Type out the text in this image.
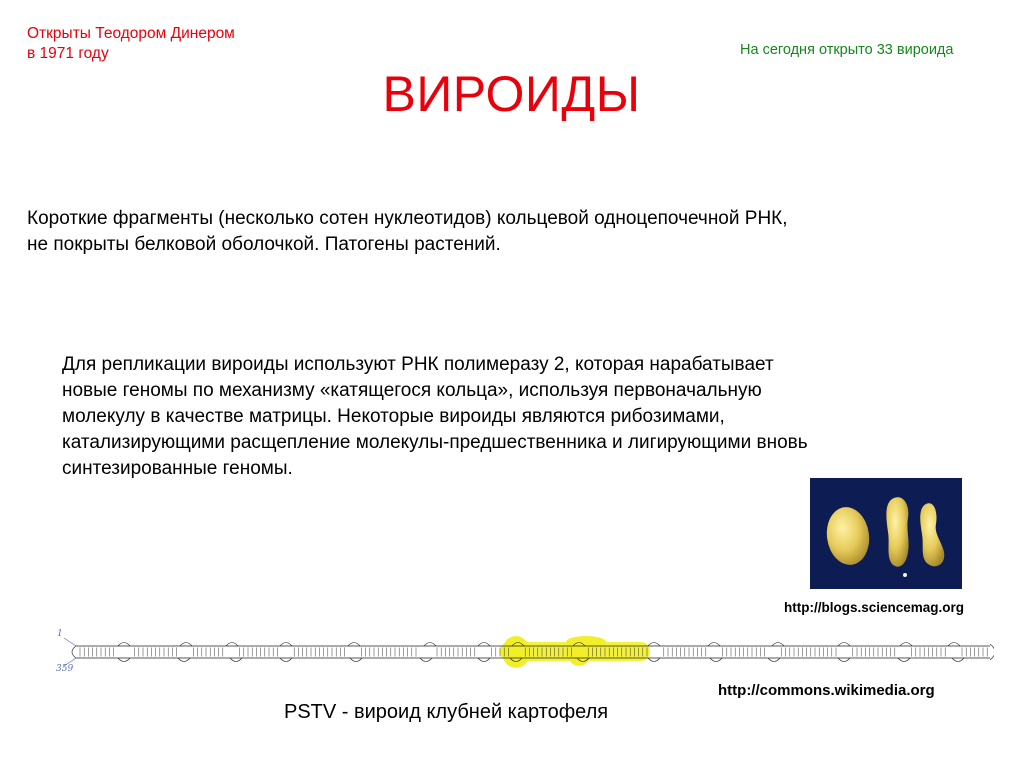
Открыты Теодором Динером
в 1971 году	На сегодня открыто 33 вироида
ВИРОИДЫ
Короткие фрагменты (несколько сотен нуклеотидов) кольцевой одноцепочечной РНК,
не покрыты белковой оболочкой. Патогены растений.
Для репликации вироиды используют РНК полимеразу 2, которая нарабатывает
новые геномы по механизму «катящегося кольца», используя первоначальную
молекулу в качестве матрицы. Некоторые вироиды являются рибозимами,
катализирующими расщепление молекулы-предшественника и лигирующими вновь
синтезированные геномы.
http://blogs.sciencemag.org
1
359
http://commons.wikimedia.org
PSTV - вироид клубней картофеля
